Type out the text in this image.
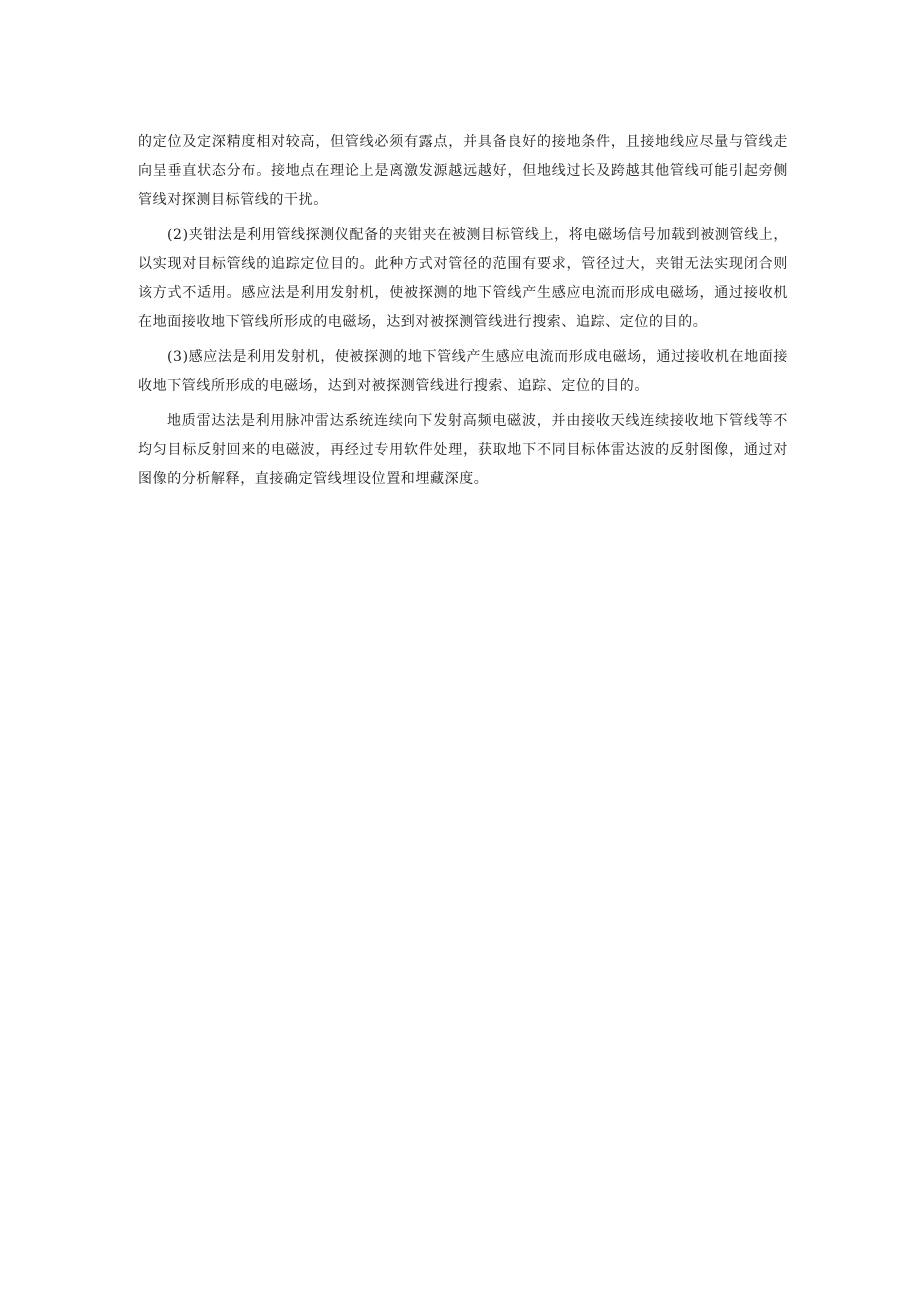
的定位及定深精度相对较高，但管线必须有露点，并具备良好的接地条件，且接地线应尽量与管线走向呈垂直状态分布。接地点在理论上是离激发源越远越好，但地线过长及跨越其他管线可能引起旁侧管线对探测目标管线的干扰。

(2)夹钳法是利用管线探测仪配备的夹钳夹在被测目标管线上，将电磁场信号加载到被测管线上，以实现对目标管线的追踪定位目的。此种方式对管径的范围有要求，管径过大，夹钳无法实现闭合则该方式不适用。感应法是利用发射机，使被探测的地下管线产生感应电流而形成电磁场，通过接收机在地面接收地下管线所形成的电磁场，达到对被探测管线进行搜索、追踪、定位的目的。

(3)感应法是利用发射机，使被探测的地下管线产生感应电流而形成电磁场，通过接收机在地面接收地下管线所形成的电磁场，达到对被探测管线进行搜索、追踪、定位的目的。

地质雷达法是利用脉冲雷达系统连续向下发射高频电磁波，并由接收天线连续接收地下管线等不均匀目标反射回来的电磁波，再经过专用软件处理，获取地下不同目标体雷达波的反射图像，通过对图像的分析解释，直接确定管线埋设位置和埋藏深度。
